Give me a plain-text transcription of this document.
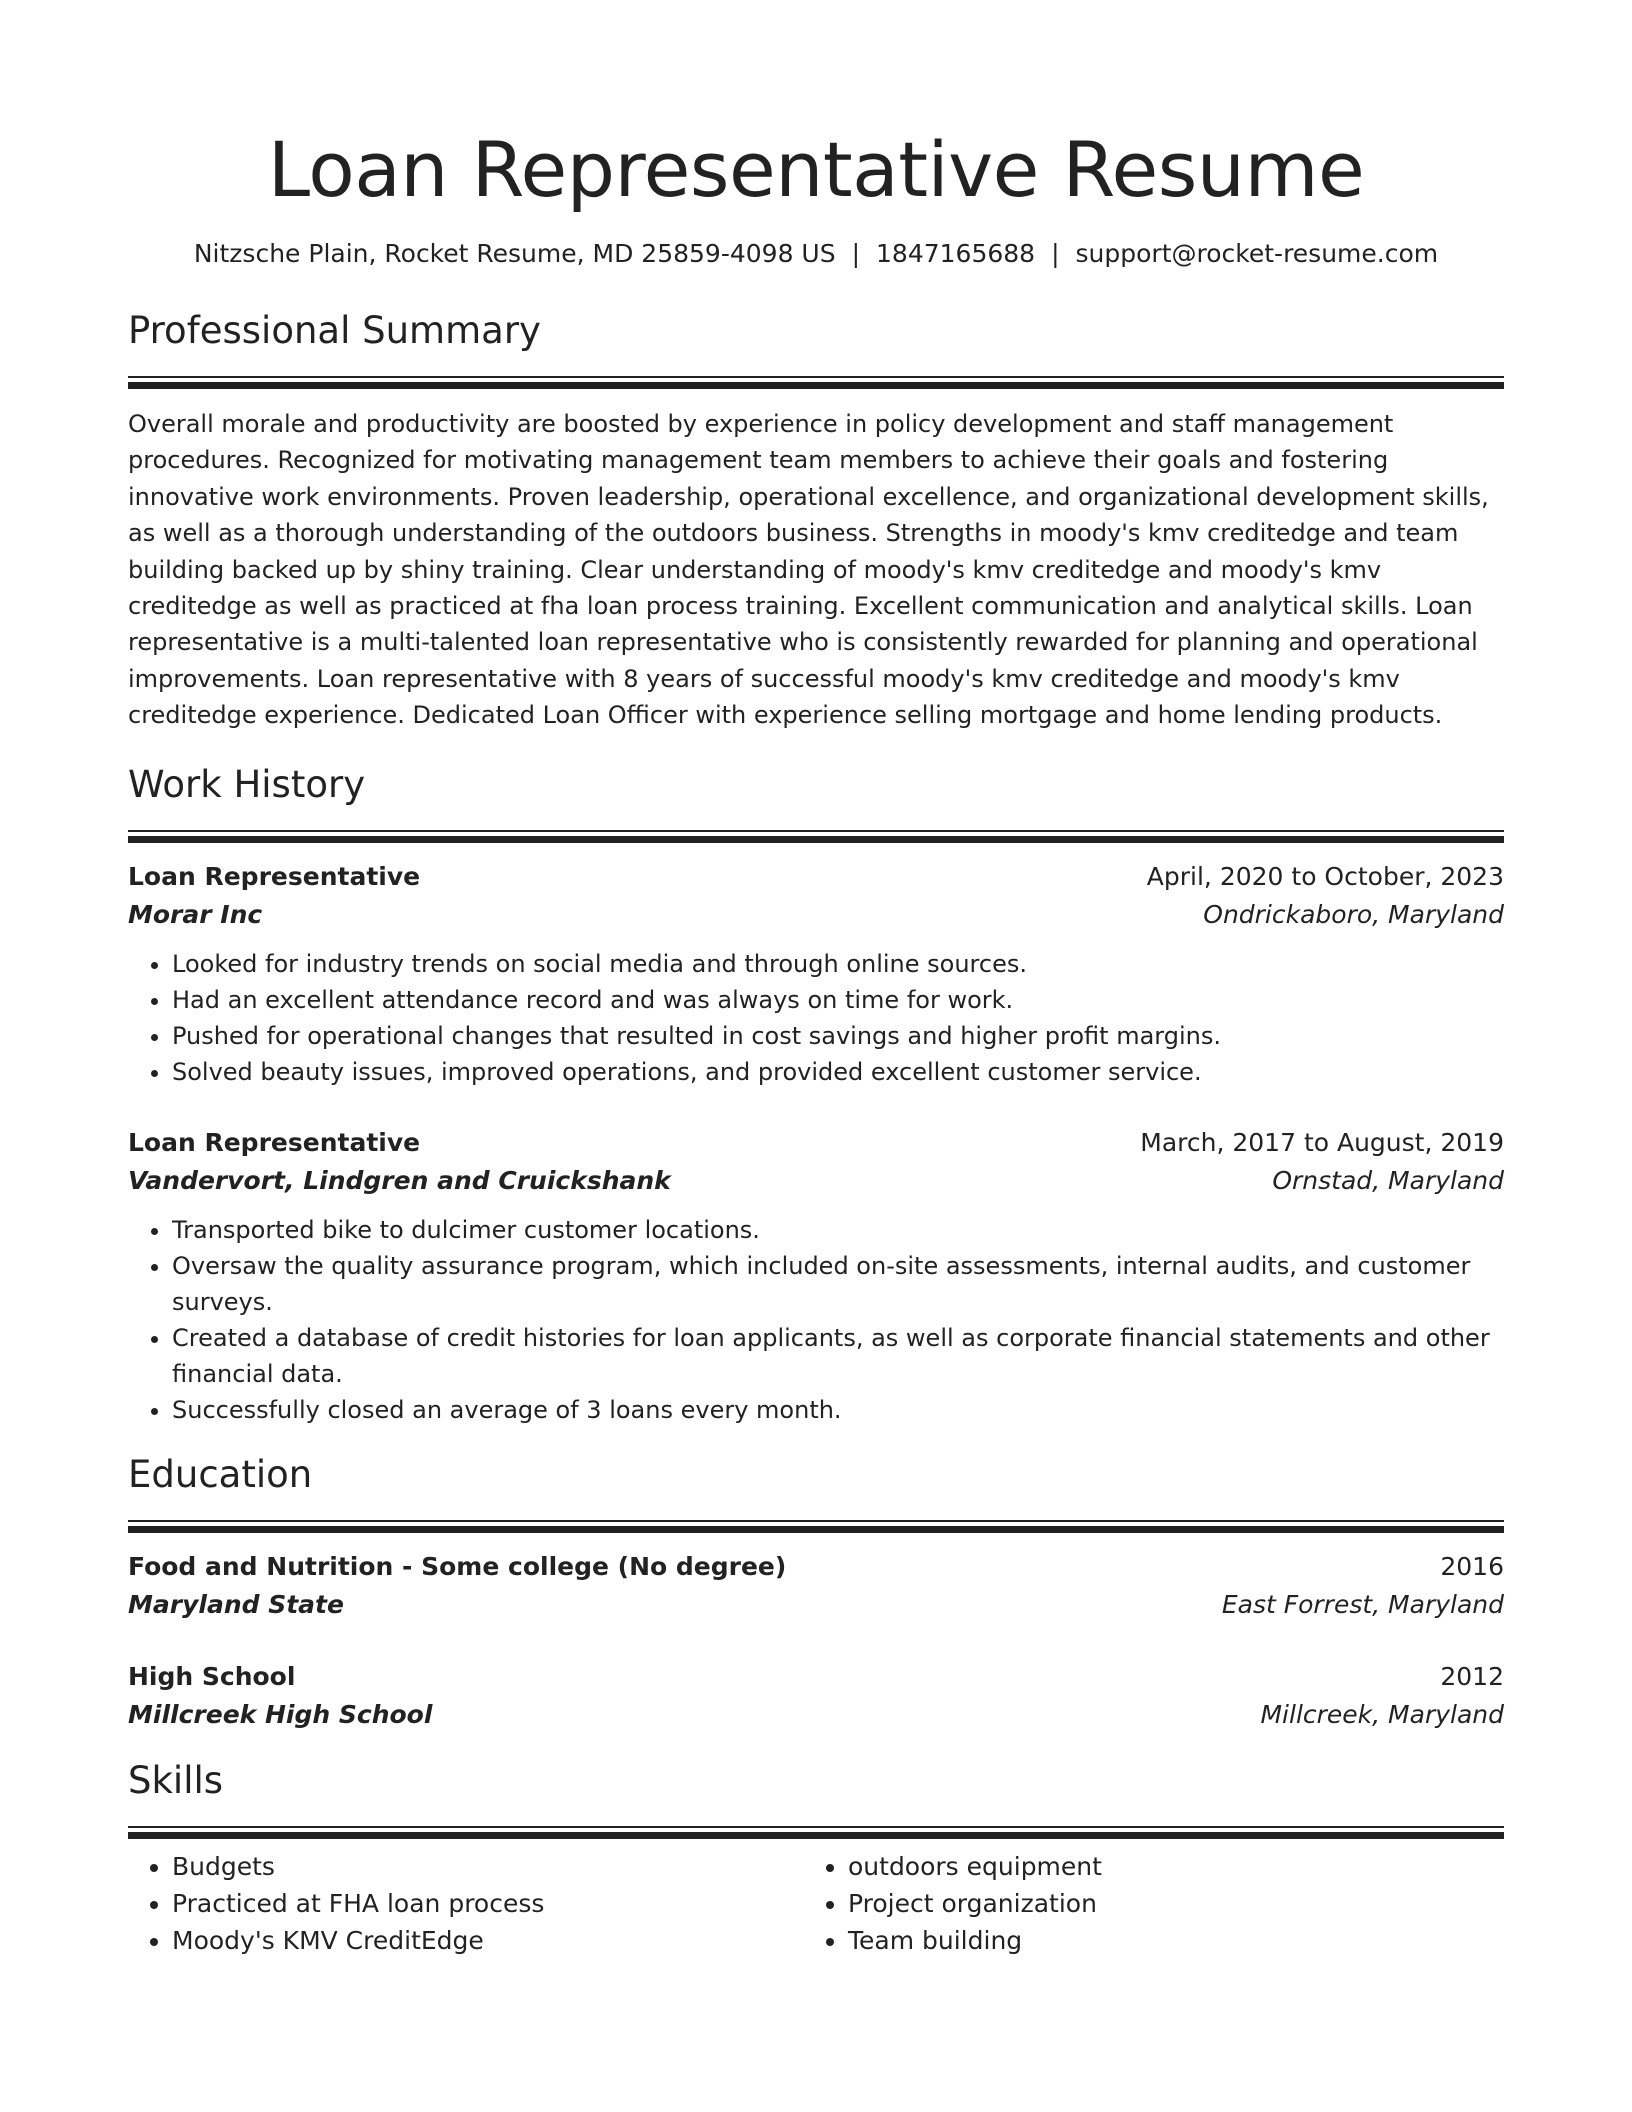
Loan Representative Resume
Nitzsche Plain, Rocket Resume, MD 25859-4098 US | 1847165688 | support@rocket-resume.com
Professional Summary
Overall morale and productivity are boosted by experience in policy development and staff management procedures. Recognized for motivating management team members to achieve their goals and fostering innovative work environments. Proven leadership, operational excellence, and organizational development skills, as well as a thorough understanding of the outdoors business. Strengths in moody's kmv creditedge and team building backed up by shiny training. Clear understanding of moody's kmv creditedge and moody's kmv creditedge as well as practiced at fha loan process training. Excellent communication and analytical skills. Loan representative is a multi-talented loan representative who is consistently rewarded for planning and operational improvements. Loan representative with 8 years of successful moody's kmv creditedge and moody's kmv creditedge experience. Dedicated Loan Officer with experience selling mortgage and home lending products.
Work History
Loan Representative	April, 2020 to October, 2023
Morar Inc	Ondrickaboro, Maryland
• Looked for industry trends on social media and through online sources.
• Had an excellent attendance record and was always on time for work.
• Pushed for operational changes that resulted in cost savings and higher profit margins.
• Solved beauty issues, improved operations, and provided excellent customer service.
Loan Representative	March, 2017 to August, 2019
Vandervort, Lindgren and Cruickshank	Ornstad, Maryland
• Transported bike to dulcimer customer locations.
• Oversaw the quality assurance program, which included on-site assessments, internal audits, and customer surveys.
• Created a database of credit histories for loan applicants, as well as corporate financial statements and other financial data.
• Successfully closed an average of 3 loans every month.
Education
Food and Nutrition - Some college (No degree)	2016
Maryland State	East Forrest, Maryland
High School	2012
Millcreek High School	Millcreek, Maryland
Skills
• Budgets
• Practiced at FHA loan process
• Moody's KMV CreditEdge
• outdoors equipment
• Project organization
• Team building
